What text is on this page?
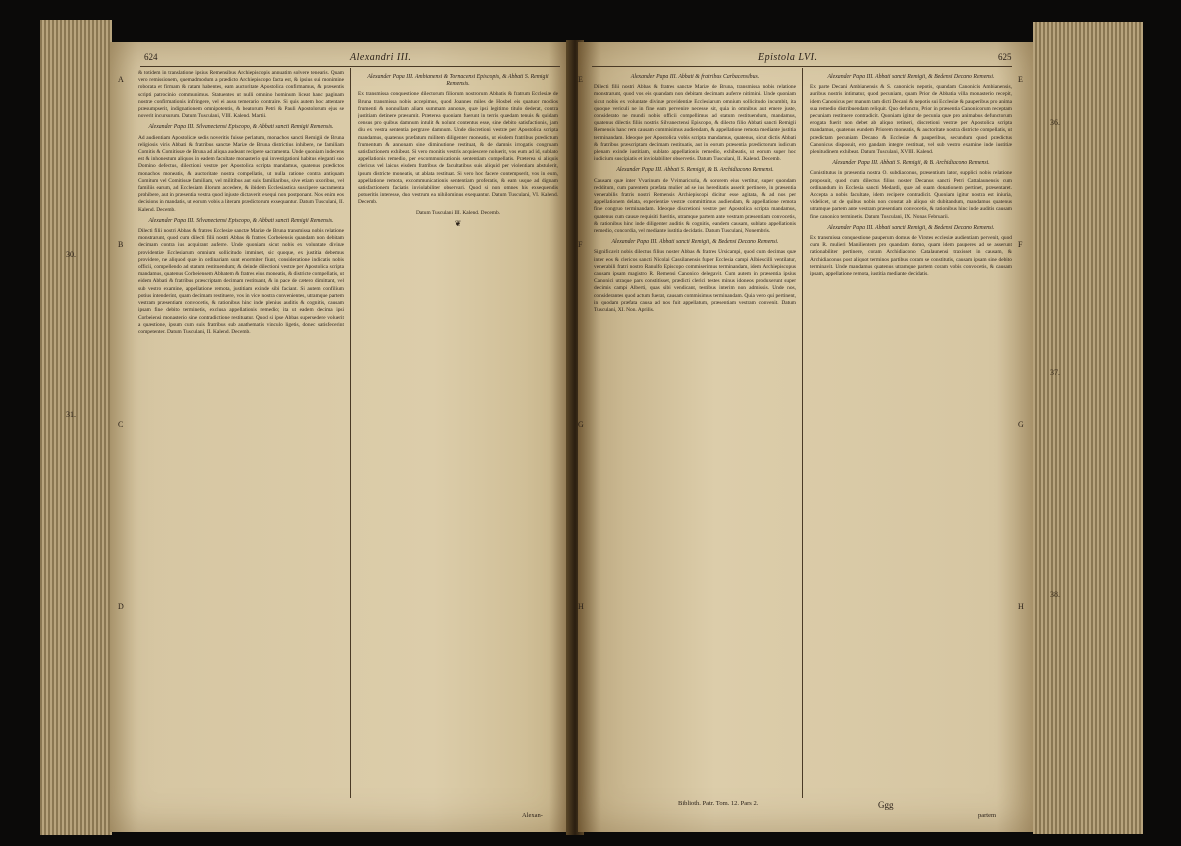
624	Alexandri III.
A
B
C
D
30.
31.
& totidem in translatione ipsius Remensibus Archiepiscopis annuatim solvere tenearis. Quam vero remissionem, quemadmodum a prædicto Archiepiscopo facta est, & ipsius sui monimine roborata et firmam & ratam habentes, eam auctoritate Apostolica confirmamus, & præsentis scripti patrocinio communimus. Statuentes ut nulli omnino hominum liceat hanc paginam nostræ confirmationis infringere, vel ei ausu temerario contraire. Si quis autem hoc attentare præsumpserit, indignationem omnipotentis, & beatorum Petri & Pauli Apostolorum ejus se noverit incursurum. Datum Tusculani, VIII. Kalend. Martii.
Alexander Papa III. Silvanectensi Episcopo, & Abbati sancti Remigii Remensis.
Ad audientiam Apostolicæ sedis noveritis fuisse perlatum, monachos sancti Remigii de Bruna religiosis viris Abbati & fratribus sanctæ Mariæ de Bruna districtius inhibere, ne familiam Comitis & Comitissæ de Bruna ad aliqua audeant recipere sacramenta. Unde quoniam indecens est & inhonestum aliquos in eadem facultate monasterio qui investigationi habitus eleganti suo Domino defectus, dilectioni vestræ per Apostolica scripta mandamus, quatenus prædictos monachos moneatis, & auctoritate nostra compellatis, ut nulla ratione contra antiquam Comitum vel Comitissæ familiam, vel militibus aut suis familiaribus, sive etiam uxoribus, vel familiis earum, ad Ecclesiam illorum accedere, & ibidem Ecclesiastica suscipere sacramenta prohibere, aut in præsentia vestra quod injuste dictaverit exequi non postponant. Nos enim eos decisions in mandatis, ut eorum vobis a literam prædictorum exsequantur. Datum Tusculani, II. Kalend. Decemb.
Alexander Papa III. Silvanectensi Episcopo, & Abbati sancti Remigii Remensis.
Dilecti filii nostri Abbas & fratres Ecclesiæ sanctæ Mariæ de Bruna transmissa nobis relatione monstrarunt, quod cum dilecti filii nostri Abbas & fratres Corbeiensis quandam non debitam decimam contra ius acquirant auferre. Unde quoniam sicut nobis ex voluntate divinæ providentiæ Ecclesiarum omnium sollicitudo imminet, sic quoque, ex justitia debemus providere, ne aliquod quæ in ordinariam sunt enormiter fiunt, consideratione indicatis nobis officii, compellendo ad statum restituendum; & deinde dilectioni vestræ per Apostolica scripta mandamus, quatenus Corbeiensem Abbatem & fratres eius moneatis, & districte compellatis, ut eidem Abbati & fratribus præscriptam decimam restituant, & in pace de cætero dimittant, vel sub vestro examine, appellatione remota, justitiam exinde sibi faciant. Si autem confilium potius intenderint, quam decimam restituere, vos in vice nostra convenientes, utramque partem vestram præsentiam convocetis, & rationibus hinc inde plenius auditis & cognitis, causam ipsam fine debito terminetis, exclusa appellationis remedio; ita ut eadem decima ipsi Corbeiensi monasterio sine contradictione restituatur. Quod si ipse Abbas supersedere voluerit a quæstione, ipsum cum suis fratribus sub anathematis vinculo ligetis, donec satisfecerint competenter. Datum Tusculani, II. Kalend. Decemb.
Alexander Papa III. Ambianensi & Tornacensi Episcopis, & Abbati S. Remigii Remensis.
Ex transmissa conquestione dilectorum filiorum nostrorum Abbatis & fratrum Ecclesiæ de Bruna transmissa nobis accepimus, quod Joannes miles de Hosbel eis quatuor modios frumenti & nonnullam aliam summam annonæ, quæ ipsi legitimo titulo dederat, contra justitiam detinere præsumit. Præterea quoniam fuerunt in terris quædam tenuis & quidam census pro quibus damnum intulit & nolunt contentus esse, sine debito satisfactionis, jam diu ex vestra sententia pergrave damnum. Unde discretioni vestræ per Apostolica scripta mandamus, quatenus præfatum militem diligenter moneatis, ut eisdem fratribus prædictum frumentum & annonam sine diminutione restituat, & de damnis irrogatis congruam satisfactionem exhibeat. Si vero monitis vestris acquiescere noluerit, vos eum ad id, sublato appellationis remedio, per excommunicationis sententiam compellatis. Præterea si aliquis clericus vel laicus eisdem fratribus de facultatibus suis aliquid per violentiam abstulerit, ipsum districte moneatis, ut ablata restituat. Si vero hoc facere contempserit, vos in eum, appellatione remota, excommunicationis sententiam proferatis, & eam usque ad dignam satisfactionem faciatis inviolabiliter observari. Quod si non omnes his exsequendis potueritis interesse, duo vestrum ea nihilominus exequantur. Datum Tusculani, VI. Kalend. Decemb.
Datum Tusculani III. Kalend. Decemb.
❦
Alexan-
Epistola LVI.	625
E
F
G
H
E
F
G
H
Alexander Papa III. Abbati & fratribus Carbacensibus.
Dilecti filii nostri Abbas & fratres sanctæ Mariæ de Bruna, transmissa nobis relatione monstrarunt, quod vos eis quandam non debitam decimam auferre nitimini. Unde quoniam sicut nobis ex voluntate divinæ providentiæ Ecclesiarum omnium sollicitudo incumbit, ita quoque vericuli ne in fine eam pervenire necesse sit, quia in omnibus aut emere juste, considerato ne mundi nobis officii compellimus ad statum restituendum, mandamus, quatenus dilectis filiis nostris Silvanectensi Episcopo, & dilecto filio Abbati sancti Remigii Remensis hanc rem causam commisimus audiendam, & appellatione remota mediante justitia terminandam. Ideoque per Apostolica vobis scripta mandamus, quatenus, sicut dictis Abbati & fratribus præscriptam decimam restituatis, aut in eorum præsentia prædictorum iudicum plenam exinde iustitiam, sublato appellationis remedio, exhibeatis, ut eorum super hoc iudicium suscipiatis et inviolabiliter observetis. Datum Tusculani, II. Kalend. Decemb.
Alexander Papa III. Abbati S. Remigii, & B. Archidiacono Remensi.
Causam quæ inter Vvarinum de Vvimaricuria, & sororem eius vertitur, super quondam redditum, cum parentem præfata mulier ad se ius hereditatis asserit pertinere, in præsentia venerabilis fratris nostri Remensis Archiepiscopi dicitur esse agitata, & ad nos per appellationem delata, experientiæ vestræ committimus audiendam, & appellatione remota fine congruo terminandam. Ideoque discretioni vestræ per Apostolica scripta mandamus, quatenus cum causæ requisiti fueritis, utramque partem ante vestram præsentiam convocetis, & rationibus hinc inde diligenter auditis & cognitis, eandem causam, sublato appellationis remedio, concordia, vel mediante iustitia decidatis. Datum Tusculani, Nonembris.
Alexander Papa III. Abbati sancti Remigii, & Bedensi Decano Remensi.
Significavit nobis dilectus filius noster Abbas & fratres Ursicampi, quod cum decimas quæ inter eos & clericos sancti Nicolai Cassilanensis fuper Ecclesia campi Albiescilli ventilatur, venerabili fratri nostro Ranulfo Episcopo commiserimus terminandam, idem Archiepiscopus causam ipsam magistro R. Remensi Canonico delegavit. Cum autem in præsentia ipsius Canonici utraque pars constitisset, prædicti clerici testes minus idoneos produxerunt super decimis campi Alberti, quas sibi vendicant, testibus interim non admissis. Unde nos, considerantes quod actum fuerat, causam commisimus terminandam. Quia vero qui pertinent, in quodam præfata causa ad nos fuit appellatum, præsentiam vestram convenit. Datum Tusculani, XI. Non. Aprilis.
Alexander Papa III. Abbati sancti Remigii, & Bedensi Decano Remensi.
Ex parte Decani Ambianensis & S. canonicis nepotis, quandam Canonicis Ambianensis, auribus nostris intimatur, quod pecuniam, quam Prior de Abbatia villa monasterio recepit, idem Canonicus per manum tam dicti Decani & nepotis sui Ecclesiæ & pauperibus pro anima sua remedio distribuendam reliquit. Quo defuncto, Prior in præsentia Canonicorum receptam pecuniam restituere contradicit. Quoniam igitur de pecunia quæ pro animabus defunctorum erogata fuerit non debet ab aliquo retineri, discretioni vestræ per Apostolica scripta mandamus, quatenus eundem Priorem moneatis, & auctoritate nostra districte compellatis, ut prædictam pecuniam Decano & Ecclesiæ & pauperibus, secundum quod prædictus Canonicus disposuit, ero gandam integre restituat, vel sub vestro examine inde iustitiæ plenitudinem exhibeat. Datum Tusculani, XVIII. Kalend.
Alexander Papa III. Abbati S. Remigii, & B. Archidiacono Remensi.
Conistitutus in præsentia nostra O. subdiaconus, præsentium lator, supplici nobis relatione proposuit, quod cum dilectus filius noster Decanus sancti Petri Cattalaunensis cum ordinandum in Ecclesia sancti Medardi, quæ ad suam donationem pertinet, præsentaret. Accepta a nobis facultate, idem recipere contradicit. Quoniam igitur nostra est iniuria, videlicet, ut de quibus nobis non constat ab aliquo sit dubitandum, mandamus quatenus utramque partem ante vestram præsentiam convocetis, & rationibus hinc inde auditis causam fine canonico terminetis. Datum Tusculani, IX. Nonas Februarii.
Alexander Papa III. Abbati sancti Remigii, & Bedensi Decano Remensi.
Ex transmissa conquestione pauperum domus de Virstes ecclesiæ audientiam pervenit, quod cum R. mulieri Manilientem pro quandam domo, quam idem pauperes ad se asserunt rationabiliter pertinere, coram Archidiacono Catalaunensi traxisset in causam, & Archidiaconus post aliquot terminos partibus coram se constitutis, causam ipsam sine debito terminavit. Unde mandamus quatenus utramque partem coram vobis convocetis, & causam ipsam, appellatione remota, iustitia mediante decidatis.
Biblioth. Patr. Tom. 12. Pars 2.	Ggg
partem
36.
37.
38.
